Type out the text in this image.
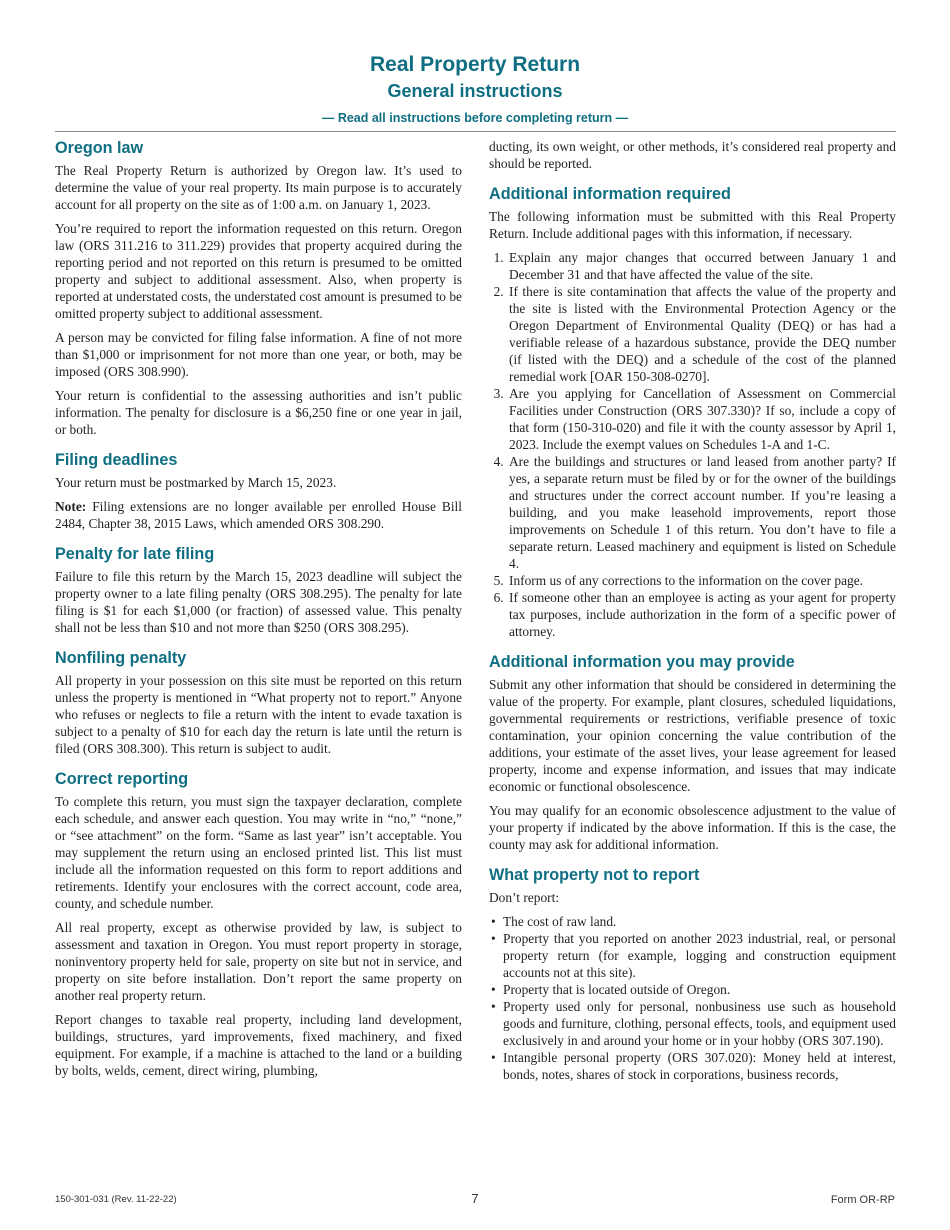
Real Property Return
General instructions
— Read all instructions before completing return —
Oregon law

The Real Property Return is authorized by Oregon law. It’s used to determine the value of your real property. Its main purpose is to accurately account for all property on the site as of 1:00 a.m. on January 1, 2023.

You’re required to report the information requested on this return. Oregon law (ORS 311.216 to 311.229) provides that property acquired during the reporting period and not reported on this return is presumed to be omitted property and subject to additional assessment. Also, when property is reported at understated costs, the understated cost amount is presumed to be omitted property subject to additional assessment.

A person may be convicted for filing false information. A fine of not more than $1,000 or imprisonment for not more than one year, or both, may be imposed (ORS 308.990).

Your return is confidential to the assessing authorities and isn’t public information. The penalty for disclosure is a $6,250 fine or one year in jail, or both.

Filing deadlines

Your return must be postmarked by March 15, 2023.

Note: Filing extensions are no longer available per enrolled House Bill 2484, Chapter 38, 2015 Laws, which amended ORS 308.290.

Penalty for late filing

Failure to file this return by the March 15, 2023 deadline will subject the property owner to a late filing penalty (ORS 308.295). The penalty for late filing is $1 for each $1,000 (or fraction) of assessed value. This penalty shall not be less than $10 and not more than $250 (ORS 308.295).

Nonfiling penalty

All property in your possession on this site must be reported on this return unless the property is mentioned in “What property not to report.” Anyone who refuses or neglects to file a return with the intent to evade taxation is subject to a penalty of $10 for each day the return is late until the return is filed (ORS 308.300). This return is subject to audit.

Correct reporting

To complete this return, you must sign the taxpayer declaration, complete each schedule, and answer each question. You may write in “no,” “none,” or “see attachment” on the form. “Same as last year” isn’t acceptable. You may supplement the return using an enclosed printed list. This list must include all the information requested on this form to report additions and retirements. Identify your enclosures with the correct account, code area, county, and schedule number.

All real property, except as otherwise provided by law, is subject to assessment and taxation in Oregon. You must report property in storage, noninventory property held for sale, property on site but not in service, and property on site before installation. Don’t report the same property on another real property return.

Report changes to taxable real property, including land development, buildings, structures, yard improvements, fixed machinery, and fixed equipment. For example, if a machine is attached to the land or a building by bolts, welds, cement, direct wiring, plumbing,

ducting, its own weight, or other methods, it’s considered real property and should be reported.

Additional information required

The following information must be submitted with this Real Property Return. Include additional pages with this information, if necessary.

1. Explain any major changes that occurred between January 1 and December 31 and that have affected the value of the site.
2. If there is site contamination that affects the value of the property and the site is listed with the Environmental Protection Agency or the Oregon Department of Environmental Quality (DEQ) or has had a verifiable release of a hazardous substance, provide the DEQ number (if listed with the DEQ) and a schedule of the cost of the planned remedial work [OAR 150-308-0270].
3. Are you applying for Cancellation of Assessment on Commercial Facilities under Construction (ORS 307.330)? If so, include a copy of that form (150-310-020) and file it with the county assessor by April 1, 2023. Include the exempt values on Schedules 1-A and 1-C.
4. Are the buildings and structures or land leased from another party? If yes, a separate return must be filed by or for the owner of the buildings and structures under the correct account number. If you’re leasing a building, and you make leasehold improvements, report those improvements on Schedule 1 of this return. You don’t have to file a separate return. Leased machinery and equipment is listed on Schedule 4.
5. Inform us of any corrections to the information on the cover page.
6. If someone other than an employee is acting as your agent for property tax purposes, include authorization in the form of a specific power of attorney.
Additional information you may provide

Submit any other information that should be considered in determining the value of the property. For example, plant closures, scheduled liquidations, governmental requirements or restrictions, verifiable presence of toxic contamination, your opinion concerning the value contribution of the additions, your estimate of the asset lives, your lease agreement for leased property, income and expense information, and issues that may indicate economic or functional obsolescence.

You may qualify for an economic obsolescence adjustment to the value of your property if indicated by the above information. If this is the case, the county may ask for additional information.

What property not to report

Don’t report:

• The cost of raw land.
• Property that you reported on another 2023 industrial, real, or personal property return (for example, logging and construction equipment accounts not at this site).
• Property that is located outside of Oregon.
• Property used only for personal, nonbusiness use such as household goods and furniture, clothing, personal effects, tools, and equipment used exclusively in and around your home or in your hobby (ORS 307.190).
• Intangible personal property (ORS 307.020): Money held at interest, bonds, notes, shares of stock in corporations, business records,
150-301-031 (Rev. 11-22-22)	7	Form OR-RP
